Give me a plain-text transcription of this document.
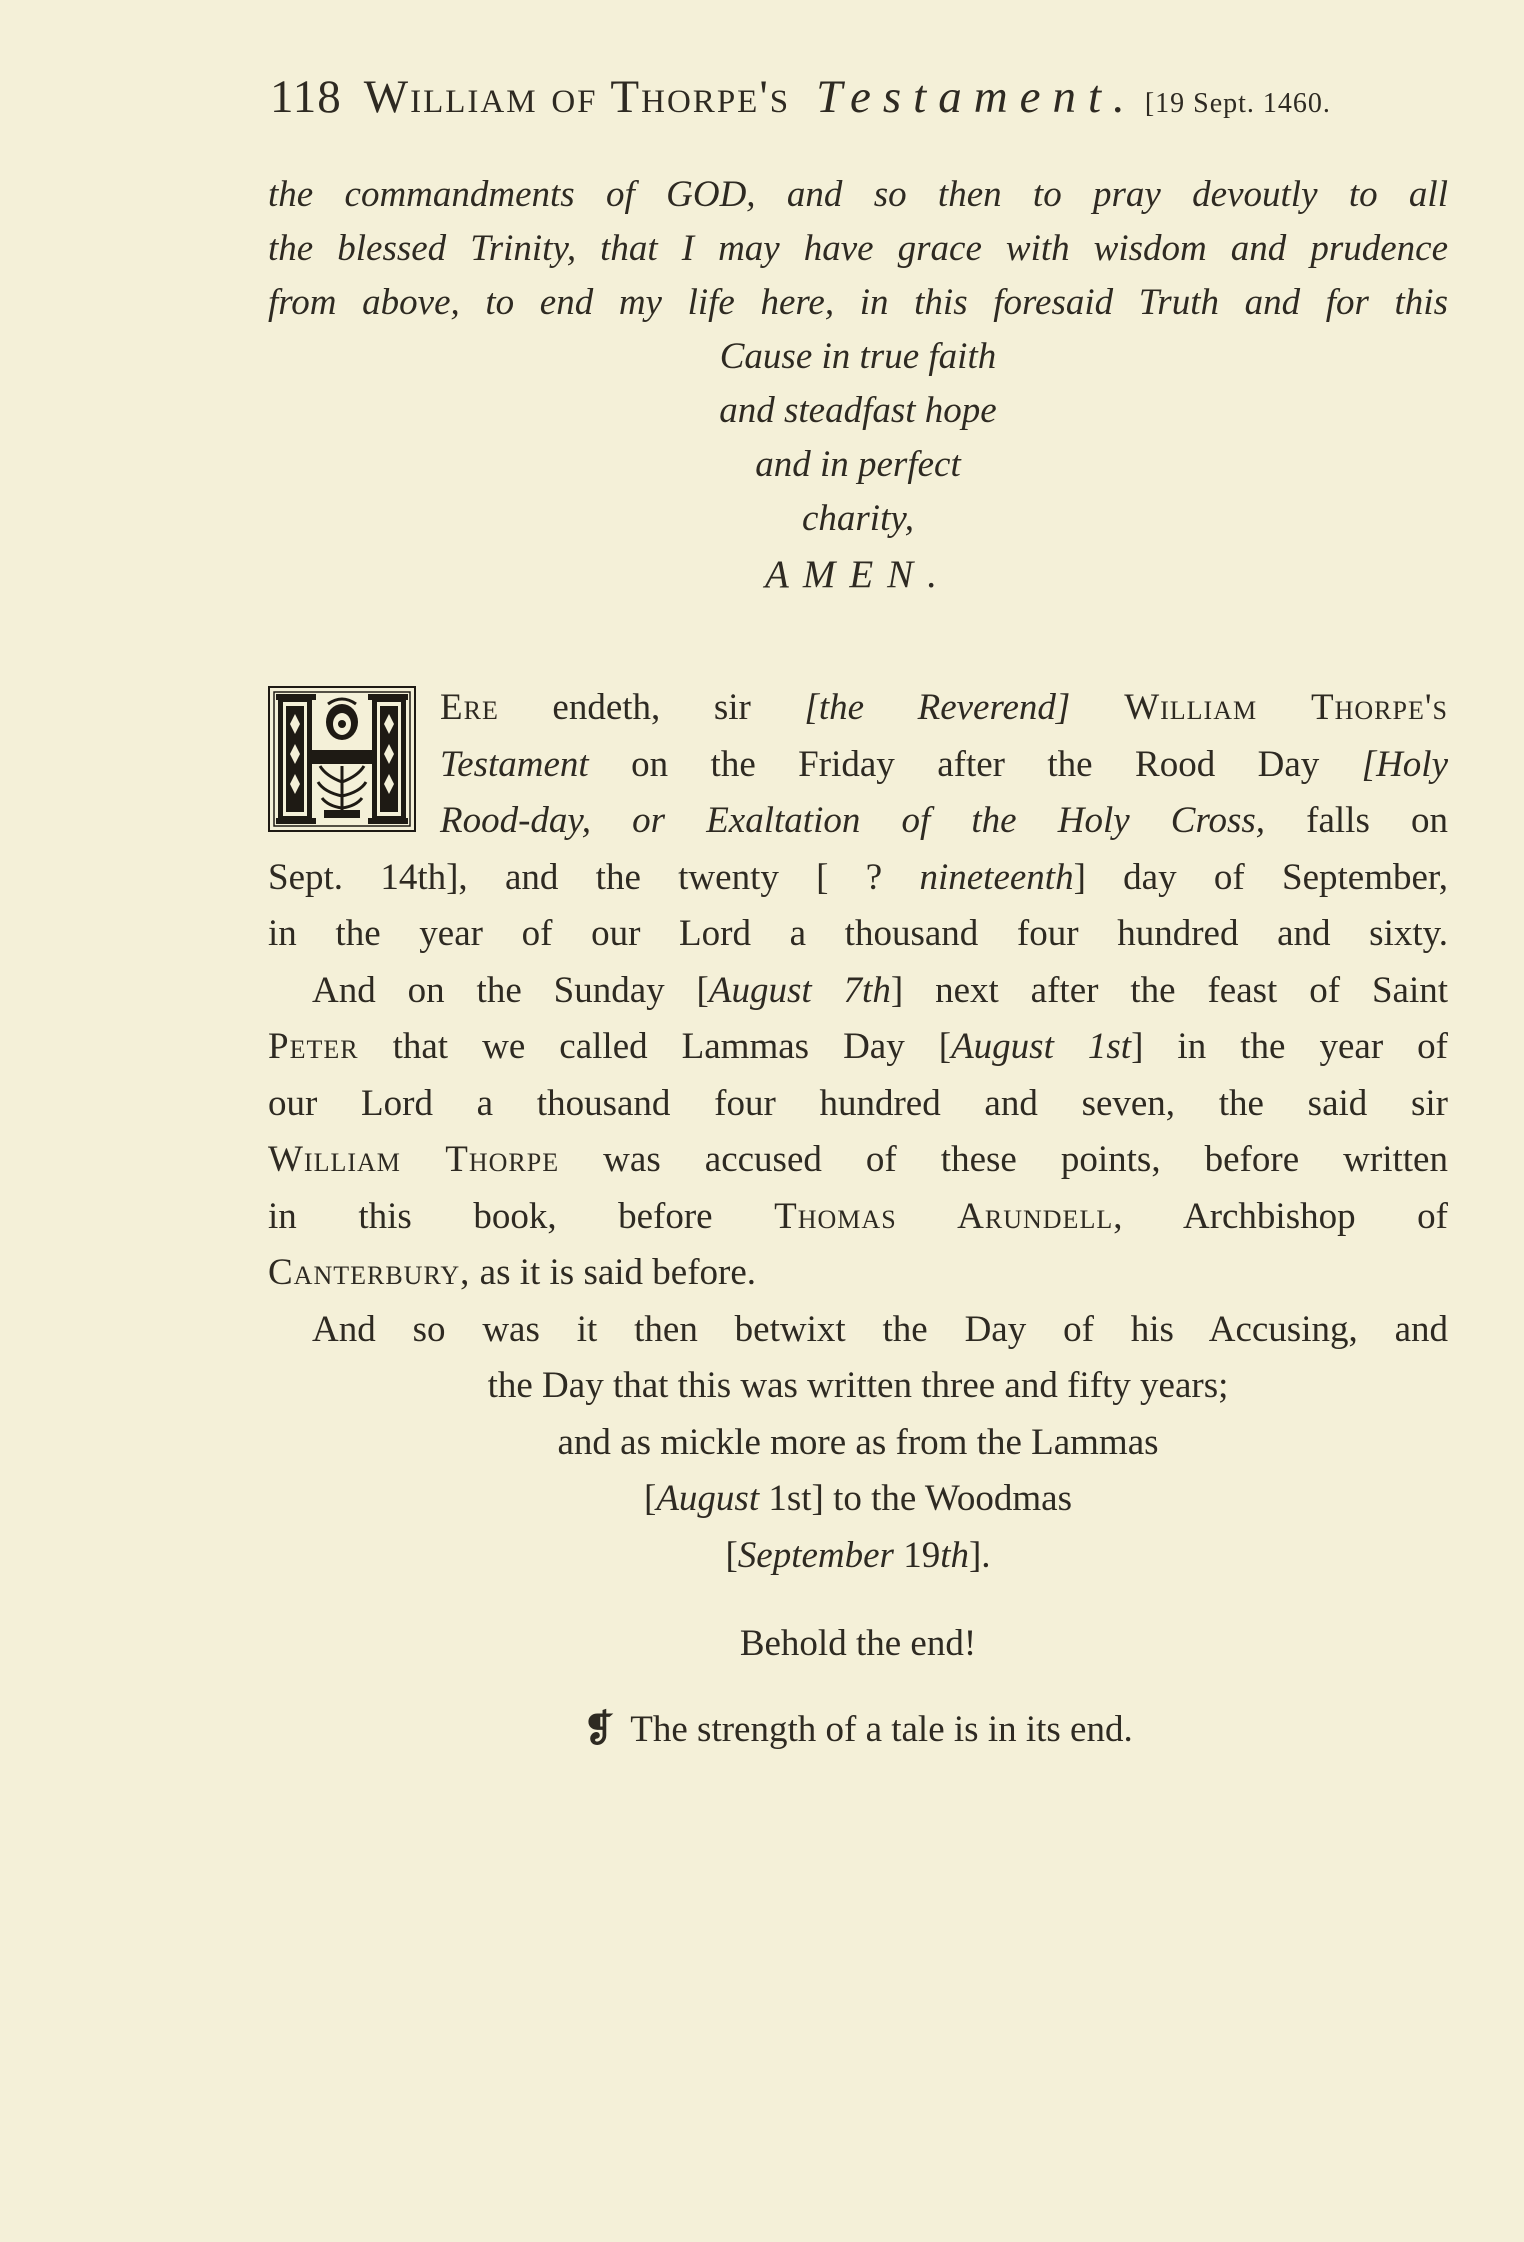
118 William of Thorpe's Testament. [19 Sept. 1460.
the commandments of GOD, and so then to pray devoutly to all
the blessed Trinity, that I may have grace with wisdom and prudence
from above, to end my life here, in this foresaid Truth and for this
Cause in true faith
and steadfast hope
and in perfect
charity,
AMEN.
Ere endeth, sir [the Reverend] William Thorpe's
Testament on the Friday after the Rood Day [Holy
Rood-day, or Exaltation of the Holy Cross, falls on
Sept. 14th], and the twenty [ ? nineteenth] day of September,
in the year of our Lord a thousand four hundred and sixty.
And on the Sunday [August 7th] next after the feast of Saint
Peter that we called Lammas Day [August 1st] in the year of
our Lord a thousand four hundred and seven, the said sir
William Thorpe was accused of these points, before written
in this book, before Thomas Arundell, Archbishop of
Canterbury, as it is said before.
And so was it then betwixt the Day of his Accusing, and
the Day that this was written three and fifty years;
and as mickle more as from the Lammas
[August 1st] to the Woodmas
[September 19th].
Behold the end!
❡ The strength of a tale is in its end.
